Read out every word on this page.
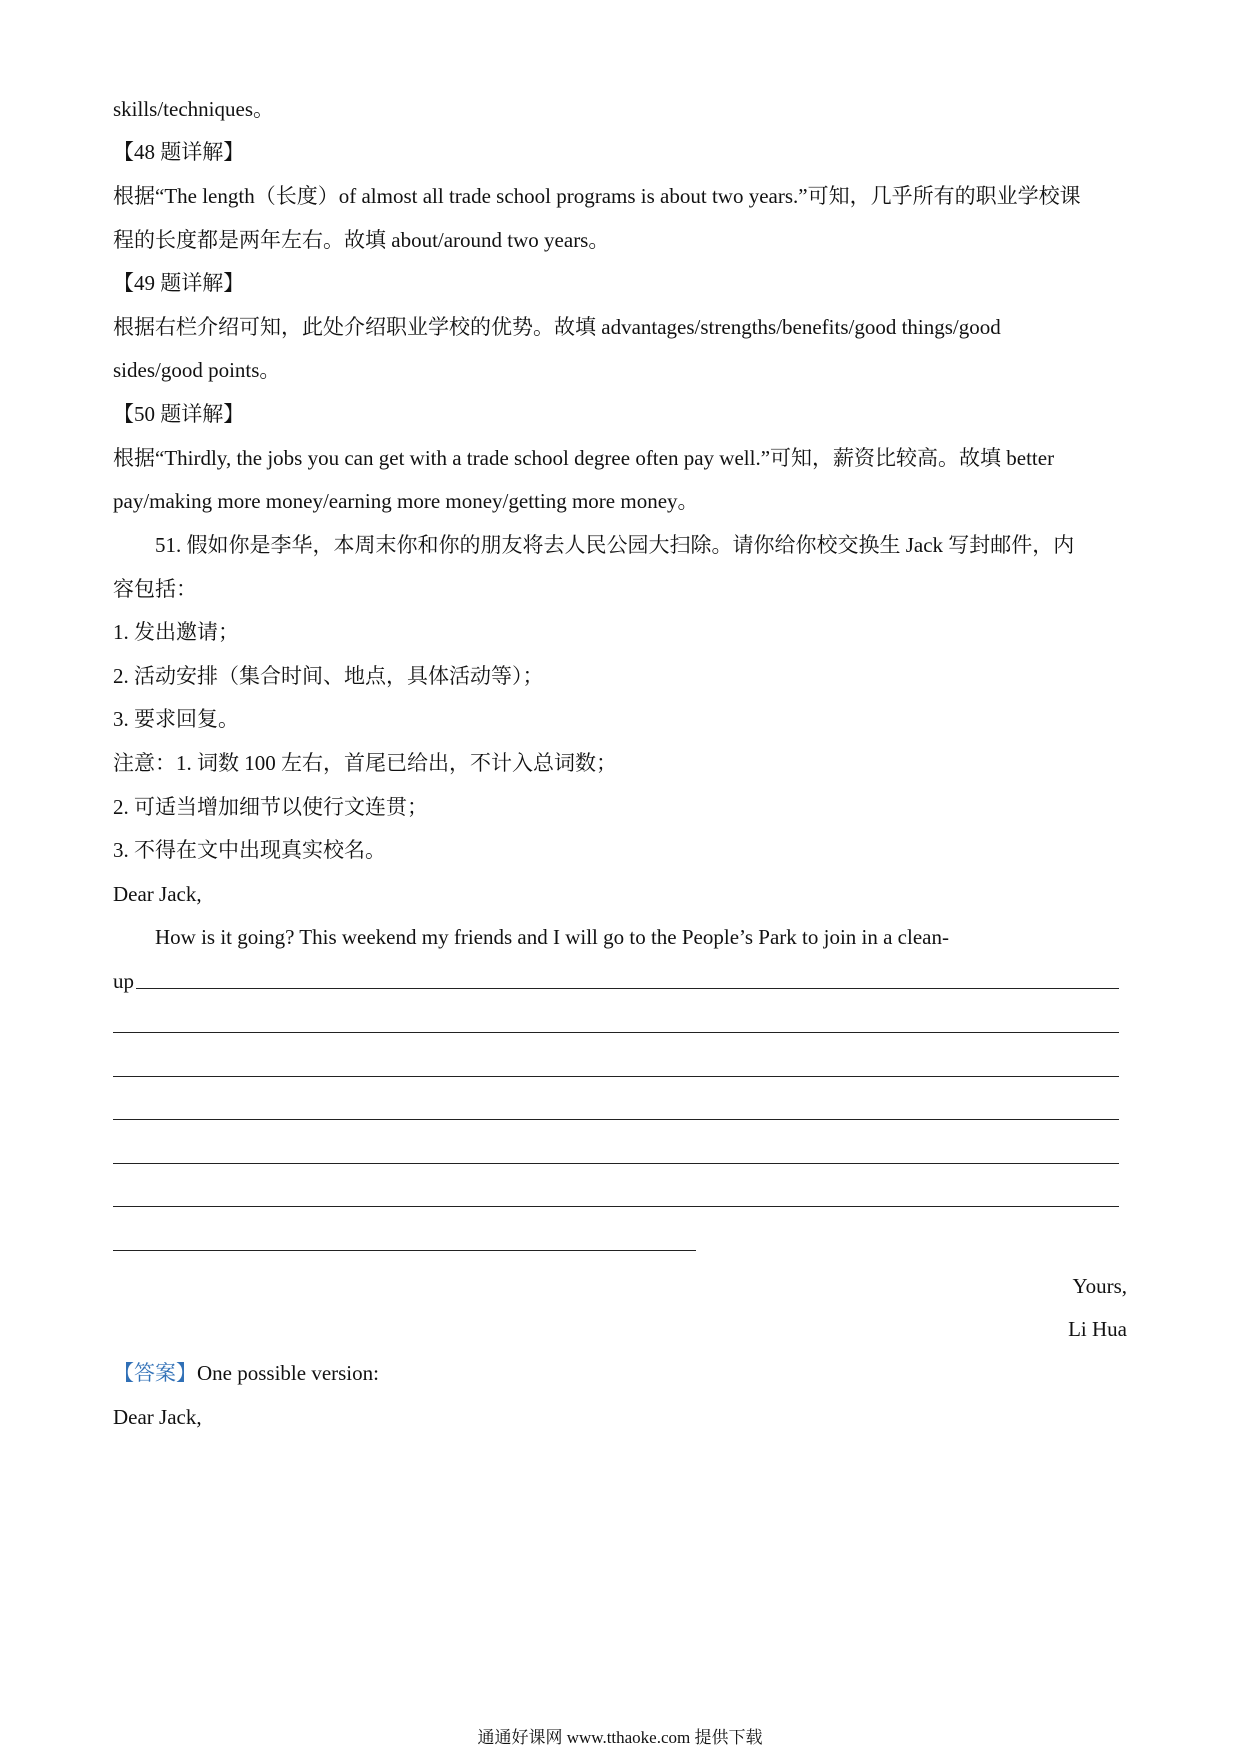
skills/techniques。
【48 题详解】
根据“The length（长度）of almost all trade school programs is about two years.”可知，几乎所有的职业学校课
程的长度都是两年左右。故填 about/around two years。
【49 题详解】
根据右栏介绍可知，此处介绍职业学校的优势。故填 advantages/strengths/benefits/good things/good
sides/good points。
【50 题详解】
根据“Thirdly, the jobs you can get with a trade school degree often pay well.”可知，薪资比较高。故填 better
pay/making more money/earning more money/getting more money。
51. 假如你是李华，本周末你和你的朋友将去人民公园大扫除。请你给你校交换生 Jack 写封邮件，内
容包括：
1. 发出邀请；
2. 活动安排（集合时间、地点，具体活动等）；
3. 要求回复。
注意：1. 词数 100 左右，首尾已给出，不计入总词数；
2. 可适当增加细节以使行文连贯；
3. 不得在文中出现真实校名。
Dear Jack,
How is it going? This weekend my friends and I will go to the People’s Park to join in a clean-
up
Yours,
Li Hua
【答案】One possible version:
Dear Jack,
通通好课网 www.tthaoke.com 提供下载
